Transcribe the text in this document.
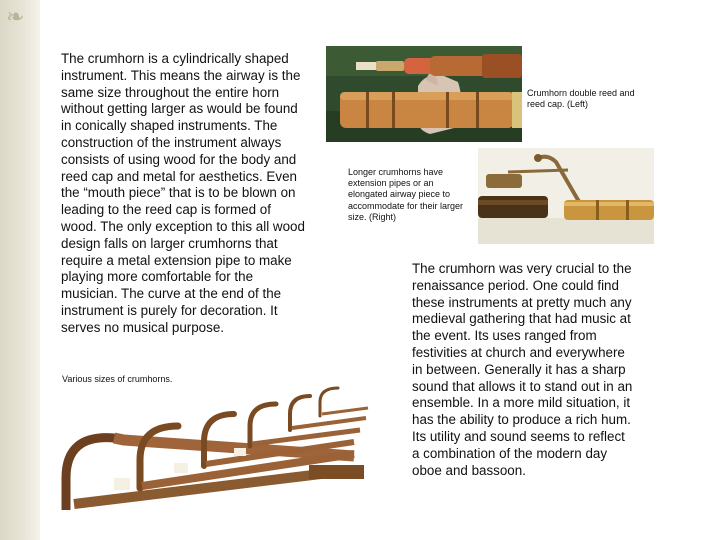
❧
The crumhorn is a cylindrically shaped instrument. This means the airway is the same size throughout the entire horn without getting larger as would be found in conically shaped instruments. The construction of the instrument always consists of using wood for the body and reed cap and metal for aesthetics. Even the “mouth piece” that is to be blown on leading to the reed cap is formed of wood. The only exception to this all wood design falls on larger crumhorns that require a metal extension pipe to make playing more comfortable for the musician. The curve at the end of the instrument is purely for decoration. It serves no musical purpose.
Crumhorn double reed and reed cap. (Left)
Longer crumhorns have extension pipes or an elongated airway piece to accommodate for their larger size. (Right)
Various sizes of crumhorns.
The crumhorn was very crucial to the renaissance period. One could find these instruments at pretty much any medieval gathering that had music at the event. Its uses ranged from festivities at church and everywhere in between. Generally it has a sharp sound that allows it to stand out in an ensemble. In a more mild situation, it has the ability to produce a rich hum. Its utility and sound seems to reflect a combination of the modern day oboe and bassoon.
